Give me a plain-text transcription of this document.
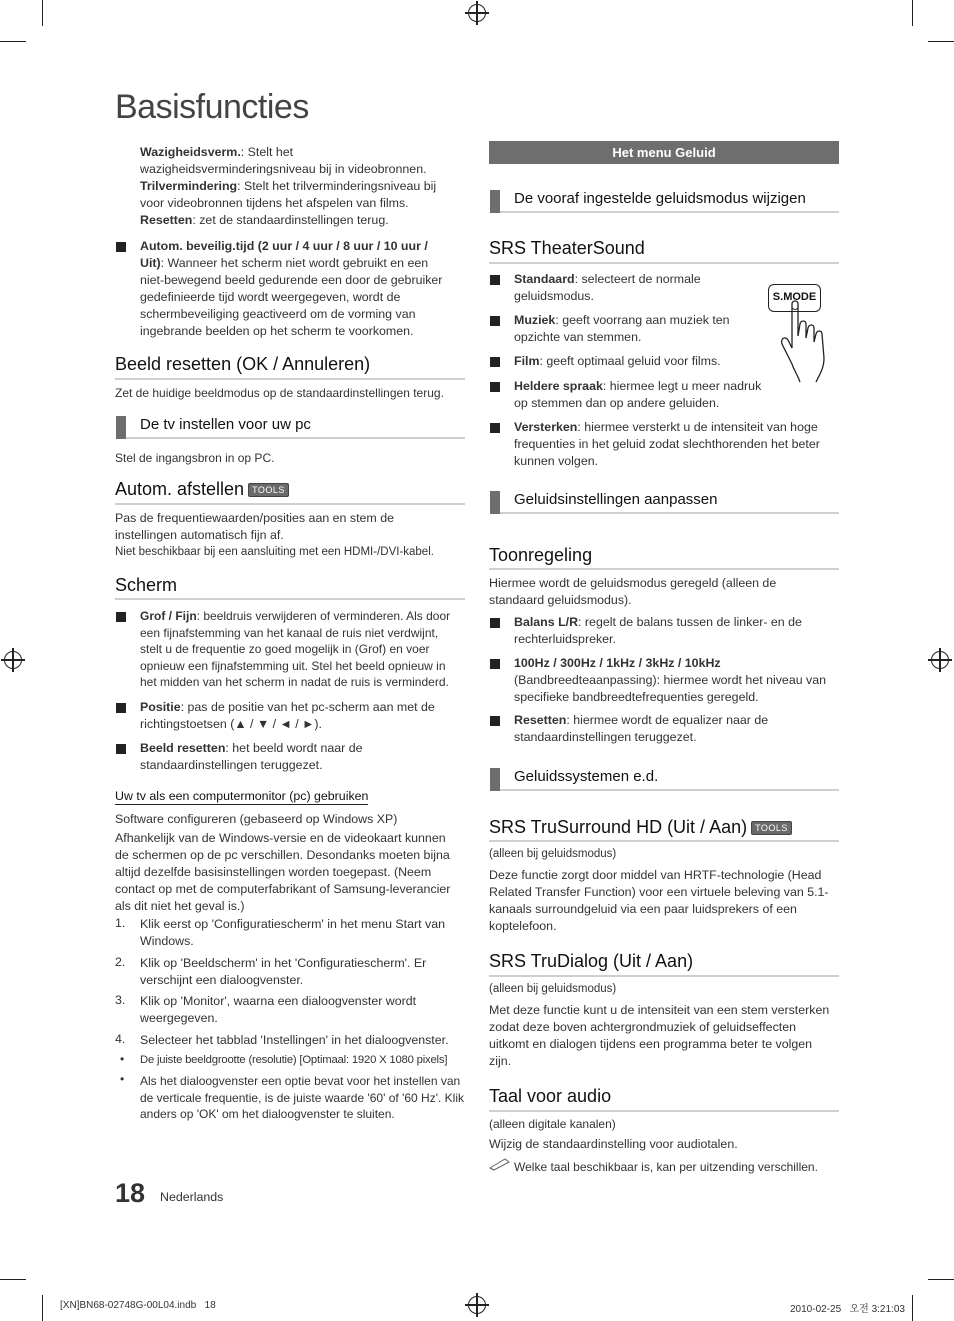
Basisfuncties
Wazigheidsverm.: Stelt het wazigheidsverminderingsniveau bij in videobronnen.
Trilvermindering: Stelt het trilverminderingsniveau bij voor videobronnen tijdens het afspelen van films.
Resetten: zet de standaardinstellingen terug.
Autom. beveilig.tijd (2 uur / 4 uur / 8 uur / 10 uur / Uit): Wanneer het scherm niet wordt gebruikt en een niet-bewegend beeld gedurende een door de gebruiker gedefinieerde tijd wordt weergegeven, wordt de schermbeveiliging geactiveerd om de vorming van ingebrande beelden op het scherm te voorkomen.
Beeld resetten (OK / Annuleren)
Zet de huidige beeldmodus op de standaardinstellingen terug.
De tv instellen voor uw pc
Stel de ingangsbron in op PC.
Autom. afstellen TOOLS
Pas de frequentiewaarden/posities aan en stem de instellingen automatisch fijn af.
Niet beschikbaar bij een aansluiting met een HDMI-/DVI-kabel.
Scherm
Grof / Fijn: beeldruis verwijderen of verminderen. Als door een fijnafstemming van het kanaal de ruis niet verdwijnt, stelt u de frequentie zo goed mogelijk in (Grof) en voer opnieuw een fijnafstemming uit. Stel het beeld opnieuw in het midden van het scherm in nadat de ruis is verminderd.
Positie: pas de positie van het pc-scherm aan met de richtingstoetsen (▲ / ▼ / ◄ / ►).
Beeld resetten: het beeld wordt naar de standaardinstellingen teruggezet.
Uw tv als een computermonitor (pc) gebruiken
Software configureren (gebaseerd op Windows XP)
Afhankelijk van de Windows-versie en de videokaart kunnen de schermen op de pc verschillen. Desondanks moeten bijna altijd dezelfde basisinstellingen worden toegepast. (Neem contact op met de computerfabrikant of Samsung-leverancier als dit niet het geval is.)
1. Klik eerst op 'Configuratiescherm' in het menu Start van Windows.
2. Klik op 'Beeldscherm' in het 'Configuratiescherm'. Er verschijnt een dialoogvenster.
3. Klik op 'Monitor', waarna een dialoogvenster wordt weergegeven.
4. Selecteer het tabblad 'Instellingen' in het dialoogvenster.
• De juiste beeldgrootte (resolutie) [Optimaal: 1920 X 1080 pixels]
• Als het dialoogvenster een optie bevat voor het instellen van de verticale frequentie, is de juiste waarde '60' of '60 Hz'. Klik anders op 'OK' om het dialoogvenster te sluiten.
18 Nederlands
[XN]BN68-02748G-00L04.indb   18	2010-02-25   오전 3:21:03
Het menu Geluid
De vooraf ingestelde geluidsmodus wijzigen
SRS TheaterSound
Standaard: selecteert de normale geluidsmodus.
Muziek: geeft voorrang aan muziek ten opzichte van stemmen.
Film: geeft optimaal geluid voor films.
Heldere spraak: hiermee legt u meer nadruk op stemmen dan op andere geluiden.
Versterken: hiermee versterkt u de intensiteit van hoge frequenties in het geluid zodat slechthorenden het beter kunnen volgen.
S.MODE
Geluidsinstellingen aanpassen
Toonregeling
Hiermee wordt de geluidsmodus geregeld (alleen de standaard geluidsmodus).
Balans L/R: regelt de balans tussen de linker- en de rechterluidspreker.
100Hz / 300Hz / 1kHz / 3kHz / 10kHz (Bandbreedteaanpassing): hiermee wordt het niveau van specifieke bandbreedtefrequenties geregeld.
Resetten: hiermee wordt de equalizer naar de standaardinstellingen teruggezet.
Geluidssystemen e.d.
SRS TruSurround HD (Uit / Aan) TOOLS
(alleen bij geluidsmodus)
Deze functie zorgt door middel van HRTF-technologie (Head Related Transfer Function) voor een virtuele beleving van 5.1-kanaals surroundgeluid via een paar luidsprekers of een koptelefoon.
SRS TruDialog (Uit / Aan)
(alleen bij geluidsmodus)
Met deze functie kunt u de intensiteit van een stem versterken zodat deze boven achtergrondmuziek of geluidseffecten uitkomt en dialogen tijdens een programma beter te volgen zijn.
Taal voor audio
(alleen digitale kanalen)
Wijzig de standaardinstelling voor audiotalen.
Welke taal beschikbaar is, kan per uitzending verschillen.
